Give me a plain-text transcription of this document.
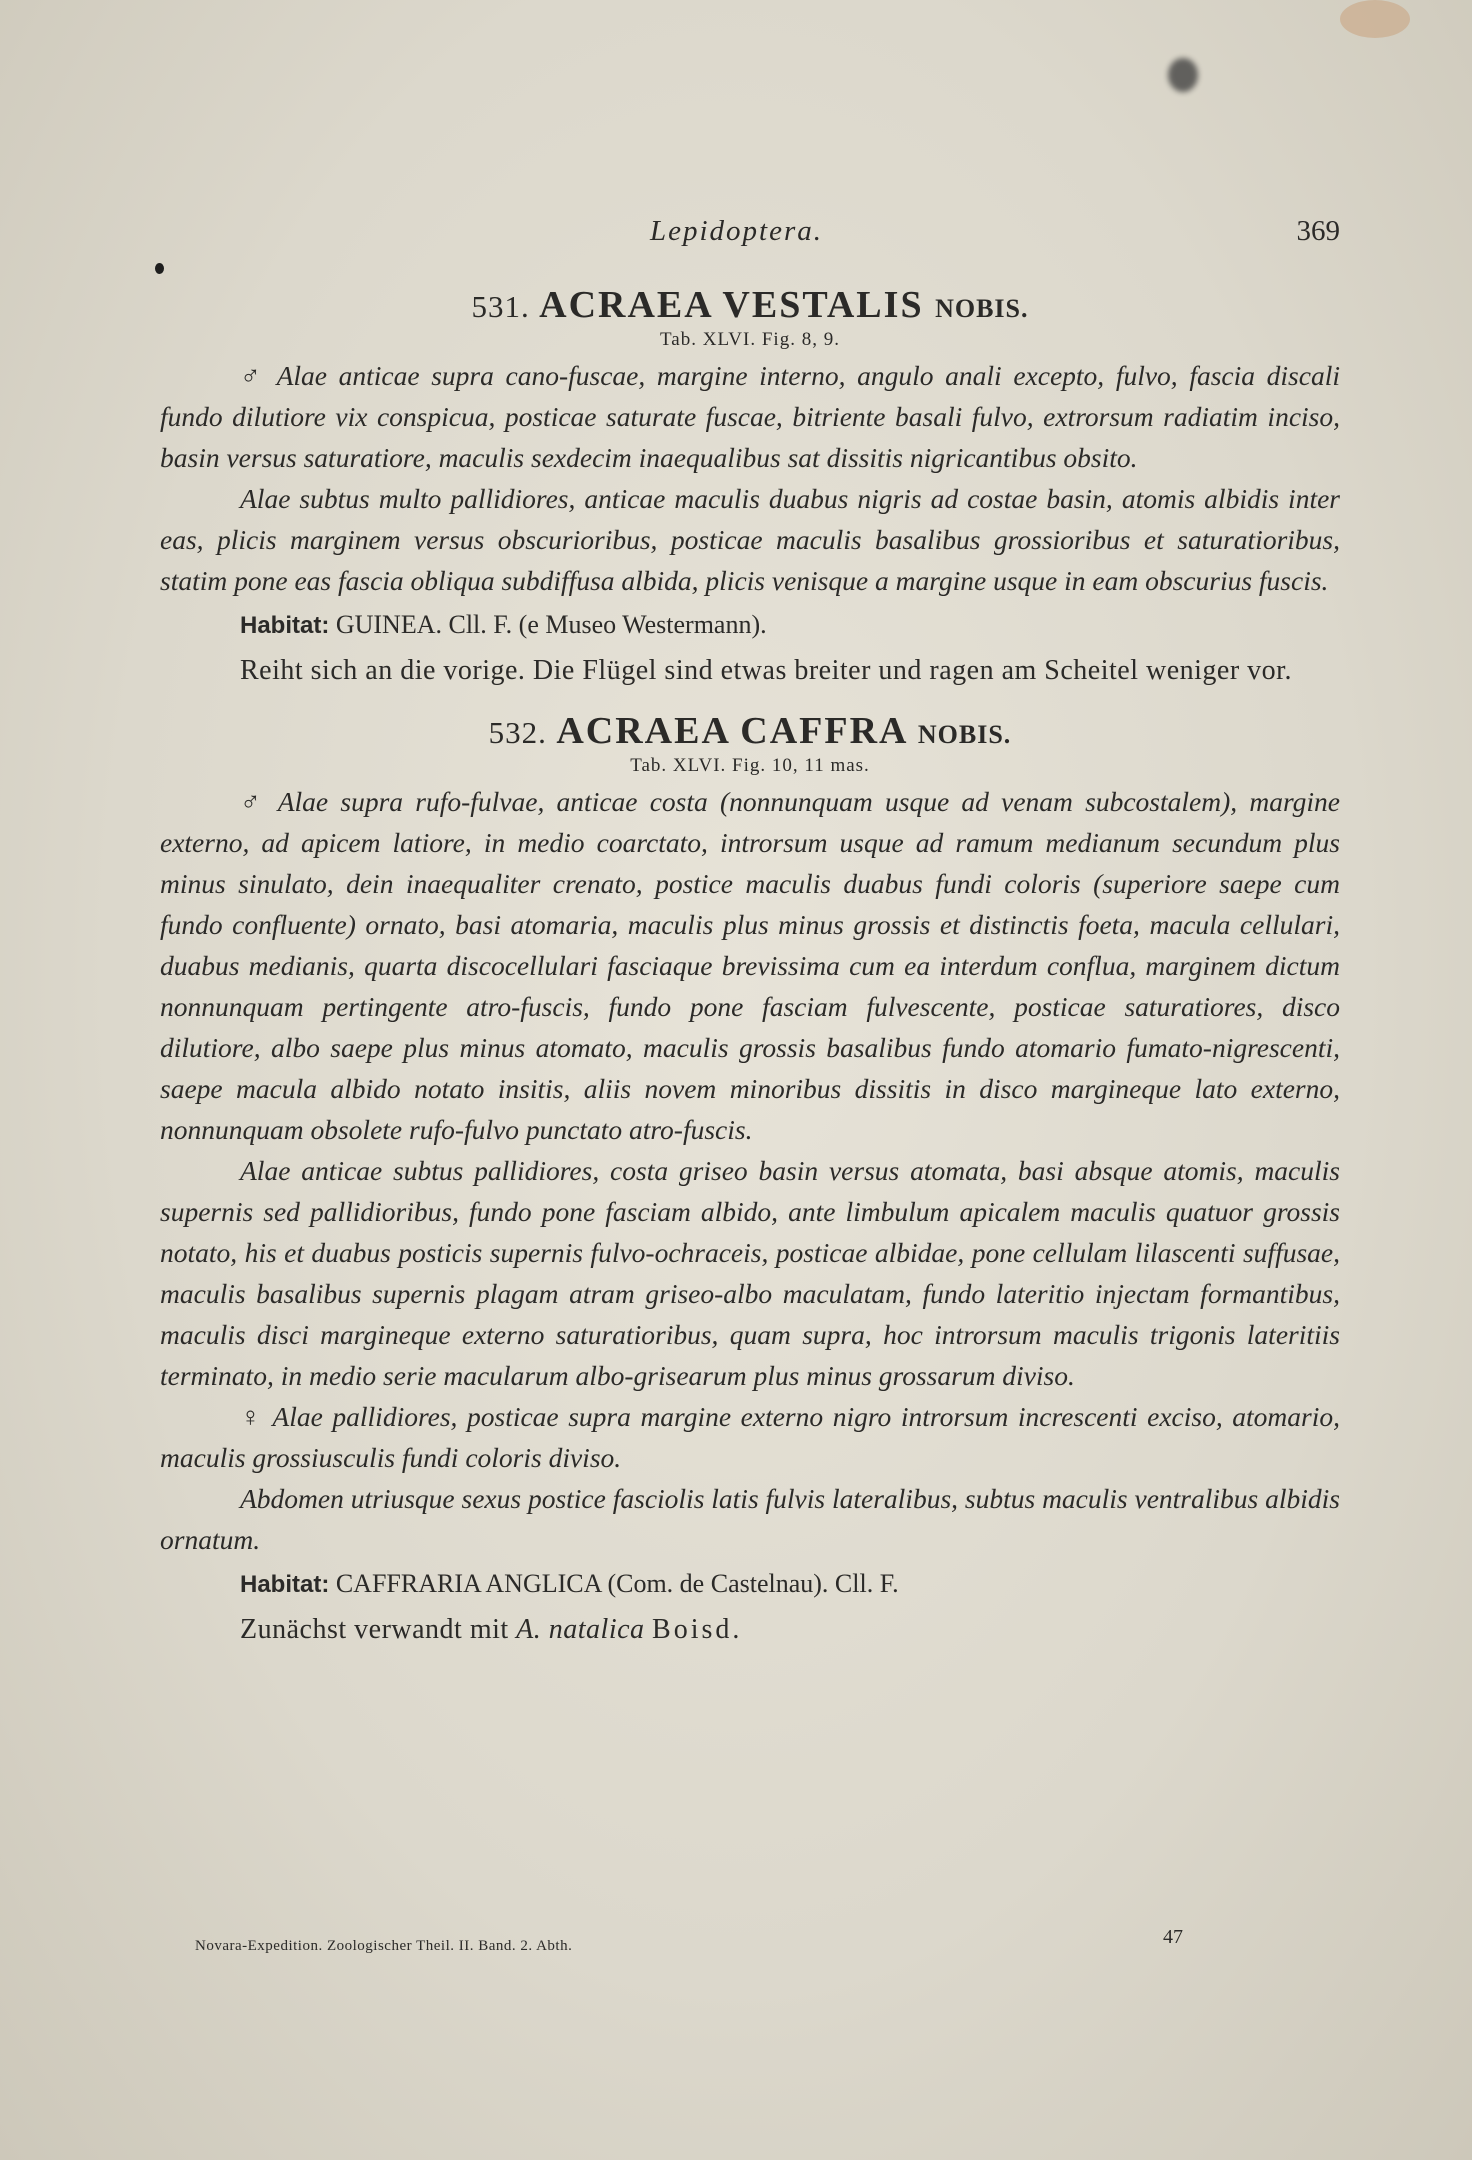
Lepidoptera.	369
531. ACRAEA VESTALIS NOBIS.
Tab. XLVI. Fig. 8, 9.

♂ Alae anticae supra cano-fuscae, margine interno, angulo anali excepto, fulvo, fascia discali fundo dilutiore vix conspicua, posticae saturate fuscae, bitriente basali fulvo, extrorsum radiatim inciso, basin versus saturatiore, maculis sexdecim inaequalibus sat dissitis nigricantibus obsito.

Alae subtus multo pallidiores, anticae maculis duabus nigris ad costae basin, atomis albidis inter eas, plicis marginem versus obscurioribus, posticae maculis basalibus grossioribus et saturatioribus, statim pone eas fascia obliqua subdiffusa albida, plicis venisque a margine usque in eam obscurius fuscis.

Habitat: GUINEA. Cll. F. (e Museo Westermann).

Reiht sich an die vorige. Die Flügel sind etwas breiter und ragen am Scheitel weniger vor.

532. ACRAEA CAFFRA NOBIS.
Tab. XLVI. Fig. 10, 11 mas.

♂ Alae supra rufo-fulvae, anticae costa (nonnunquam usque ad venam subcostalem), margine externo, ad apicem latiore, in medio coarctato, introrsum usque ad ramum medianum secundum plus minus sinulato, dein inaequaliter crenato, postice maculis duabus fundi coloris (superiore saepe cum fundo confluente) ornato, basi atomaria, maculis plus minus grossis et distinctis foeta, macula cellulari, duabus medianis, quarta discocellulari fasciaque brevissima cum ea interdum conflua, marginem dictum nonnunquam pertingente atro-fuscis, fundo pone fasciam fulvescente, posticae saturatiores, disco dilutiore, albo saepe plus minus atomato, maculis grossis basalibus fundo atomario fumato-nigrescenti, saepe macula albido notato insitis, aliis novem minoribus dissitis in disco margineque lato externo, nonnunquam obsolete rufo-fulvo punctato atro-fuscis.

Alae anticae subtus pallidiores, costa griseo basin versus atomata, basi absque atomis, maculis supernis sed pallidioribus, fundo pone fasciam albido, ante limbulum apicalem maculis quatuor grossis notato, his et duabus posticis supernis fulvo-ochraceis, posticae albidae, pone cellulam lilascenti suffusae, maculis basalibus supernis plagam atram griseo-albo maculatam, fundo lateritio injectam formantibus, maculis disci margineque externo saturatioribus, quam supra, hoc introrsum maculis trigonis lateritiis terminato, in medio serie macularum albo-grisearum plus minus grossarum diviso.

♀ Alae pallidiores, posticae supra margine externo nigro introrsum increscenti exciso, atomario, maculis grossiusculis fundi coloris diviso.

Abdomen utriusque sexus postice fasciolis latis fulvis lateralibus, subtus maculis ventralibus albidis ornatum.

Habitat: CAFFRARIA ANGLICA (Com. de Castelnau). Cll. F.

Zunächst verwandt mit A. natalica Boisd.

Novara-Expedition. Zoologischer Theil. II. Band. 2. Abth.	47
